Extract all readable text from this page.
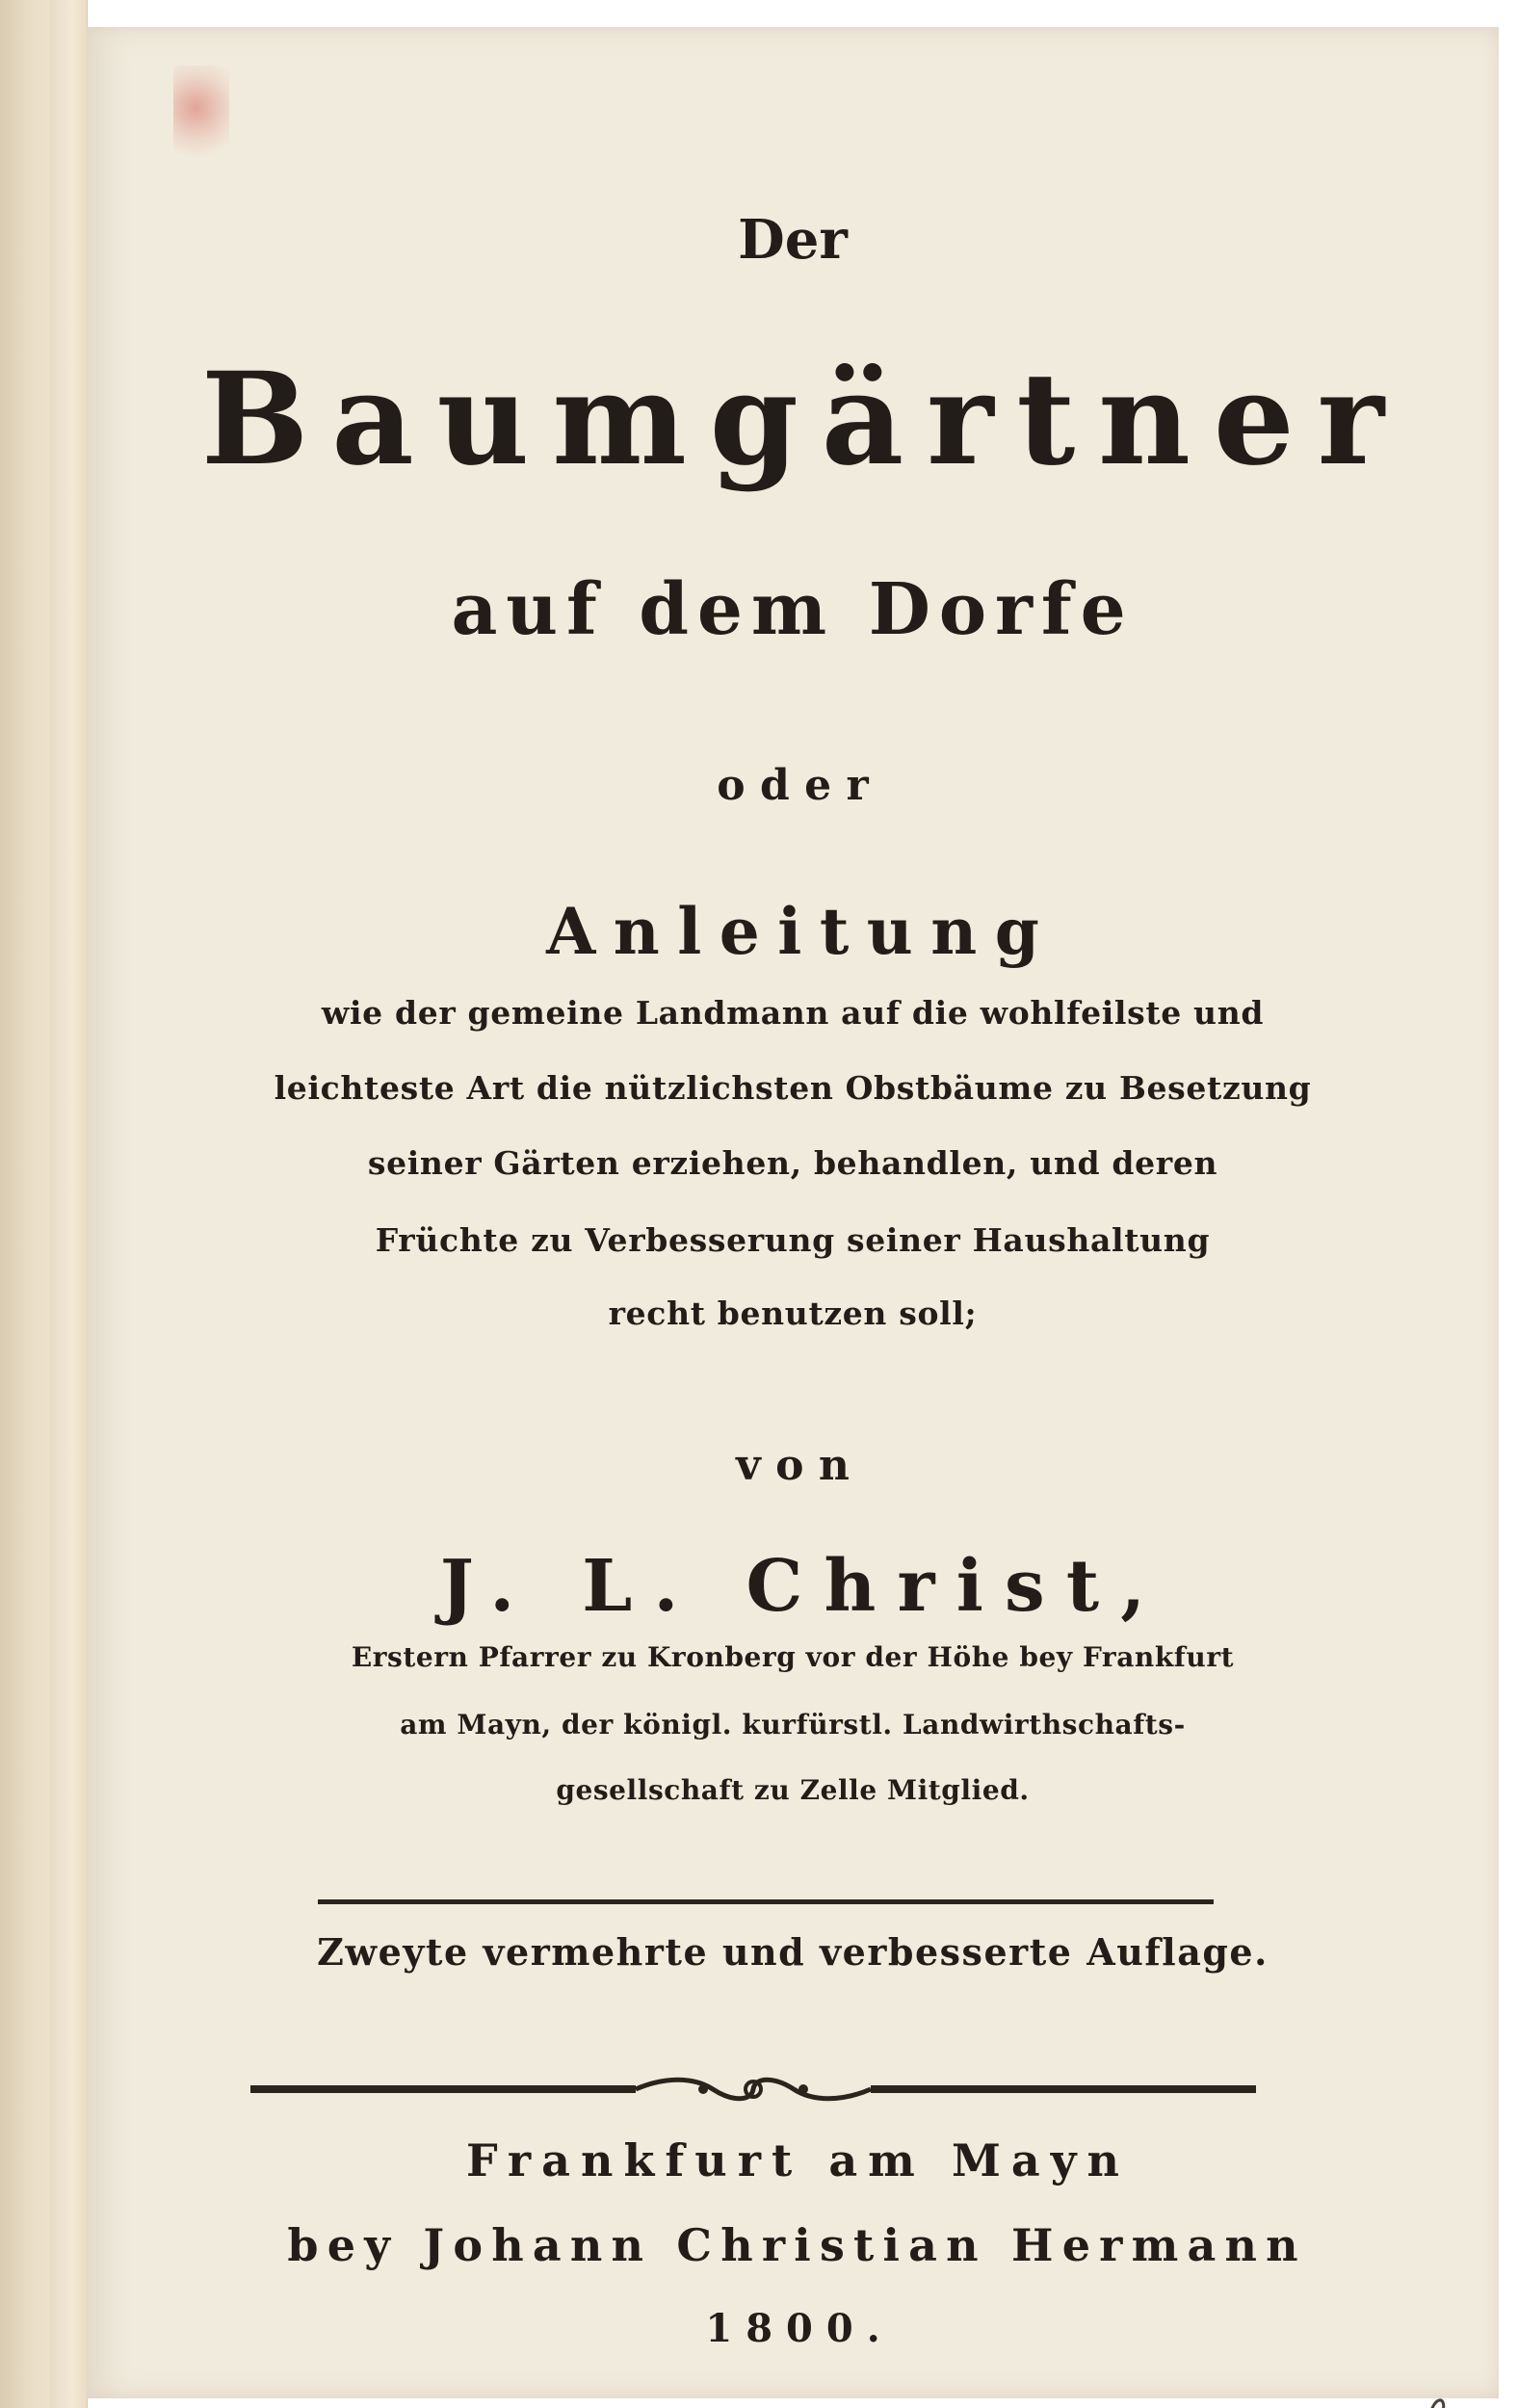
Der

Baumgärtner

auf dem Dorfe

oder

Anleitung

wie der gemeine Landmann auf die wohlfeilste und

leichteste Art die nützlichsten Obstbäume zu Besetzung

seiner Gärten erziehen, behandlen, und deren

Früchte zu Verbesserung seiner Haushaltung

recht benutzen soll;

von

J. L. Christ,

Erstern Pfarrer zu Kronberg vor der Höhe bey Frankfurt

am Mayn, der königl. kurfürstl. Landwirthschafts-

gesellschaft zu Zelle Mitglied.

Zweyte vermehrte und verbesserte Auflage.

Frankfurt am Mayn

bey Johann Christian Hermann

1800.
